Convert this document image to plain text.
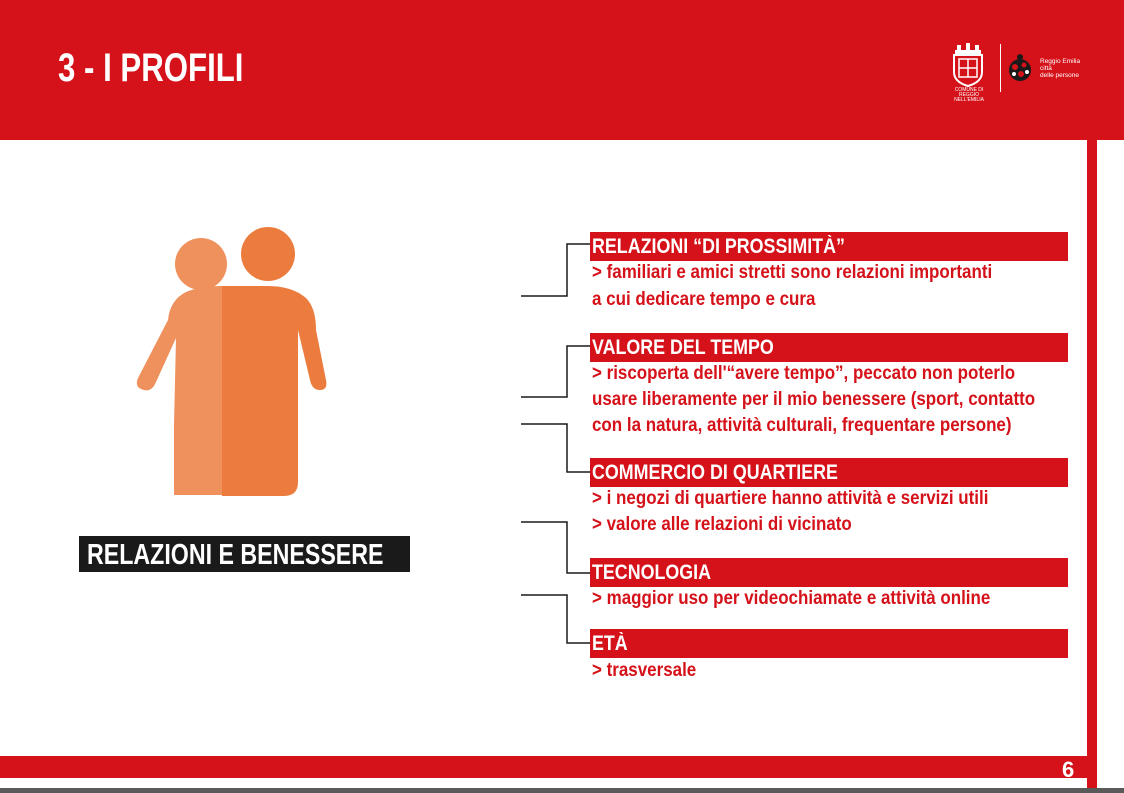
3 - I PROFILI	COMUNE DI
REGGIO NELL'EMILIA
Reggio Emilia
città
delle persone
RELAZIONI E BENESSERE
RELAZIONI “DI PROSSIMITÀ”
> familiari e amici stretti sono relazioni importanti
a cui dedicare tempo e cura
VALORE DEL TEMPO
> riscoperta dell'“avere tempo”, peccato non poterlo
usare liberamente per il mio benessere (sport, contatto
con la natura, attività culturali, frequentare persone)
COMMERCIO DI QUARTIERE
> i negozi di quartiere hanno attività e servizi utili
> valore alle relazioni di vicinato
TECNOLOGIA
> maggior uso per videochiamate e attività online
ETÀ
> trasversale
6
